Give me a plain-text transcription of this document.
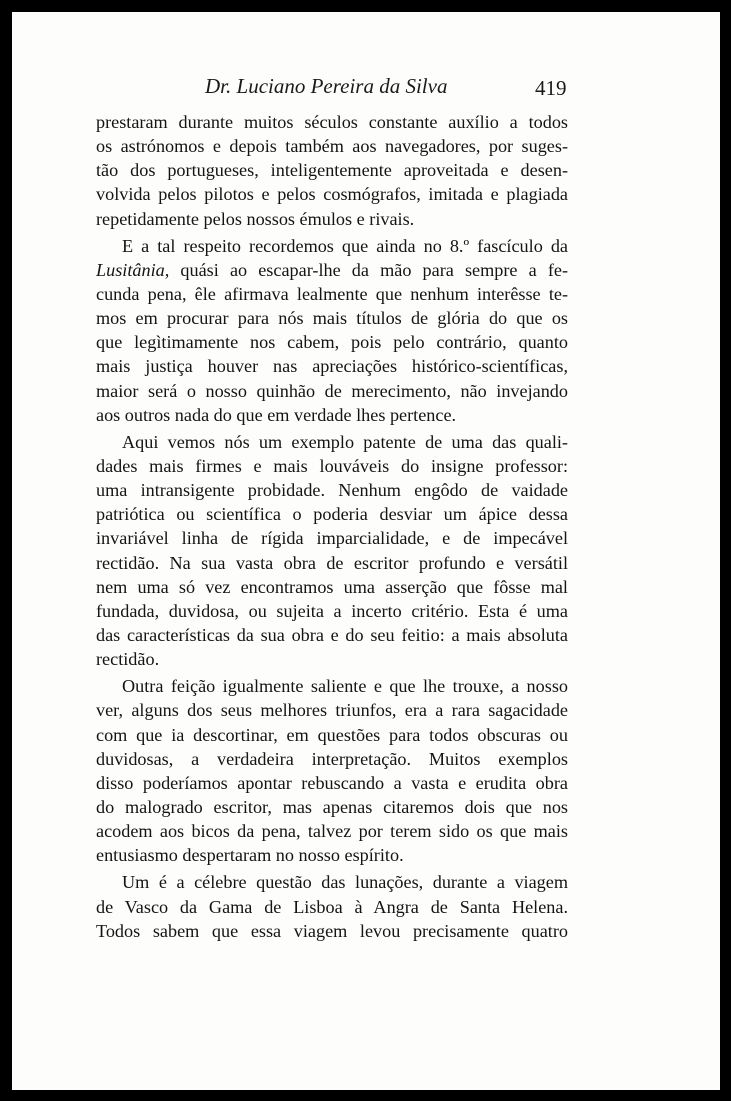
Dr. Luciano Pereira da Silva	419
prestaram durante muitos séculos constante auxílio a todos
os astrónomos e depois também aos navegadores, por suges-
tão dos portugueses, inteligentemente aproveitada e desen-
volvida pelos pilotos e pelos cosmógrafos, imitada e plagiada
repetidamente pelos nossos émulos e rivais.
E a tal respeito recordemos que ainda no 8.º fascículo da
Lusitânia, quási ao escapar-lhe da mão para sempre a fe-
cunda pena, êle afirmava lealmente que nenhum interêsse te-
mos em procurar para nós mais títulos de glória do que os
que legìtimamente nos cabem, pois pelo contrário, quanto
mais justiça houver nas apreciações histórico-scientíficas,
maior será o nosso quinhão de merecimento, não invejando
aos outros nada do que em verdade lhes pertence.
Aqui vemos nós um exemplo patente de uma das quali-
dades mais firmes e mais louváveis do insigne professor:
uma intransigente probidade. Nenhum engôdo de vaidade
patriótica ou scientífica o poderia desviar um ápice dessa
invariável linha de rígida imparcialidade, e de impecável
rectidão. Na sua vasta obra de escritor profundo e versátil
nem uma só vez encontramos uma asserção que fôsse mal
fundada, duvidosa, ou sujeita a incerto critério. Esta é uma
das características da sua obra e do seu feitio: a mais absoluta
rectidão.
Outra feição igualmente saliente e que lhe trouxe, a nosso
ver, alguns dos seus melhores triunfos, era a rara sagacidade
com que ia descortinar, em questões para todos obscuras ou
duvidosas, a verdadeira interpretação. Muitos exemplos
disso poderíamos apontar rebuscando a vasta e erudita obra
do malogrado escritor, mas apenas citaremos dois que nos
acodem aos bicos da pena, talvez por terem sido os que mais
entusiasmo despertaram no nosso espírito.
Um é a célebre questão das lunações, durante a viagem
de Vasco da Gama de Lisboa à Angra de Santa Helena.
Todos sabem que essa viagem levou precisamente quatro
